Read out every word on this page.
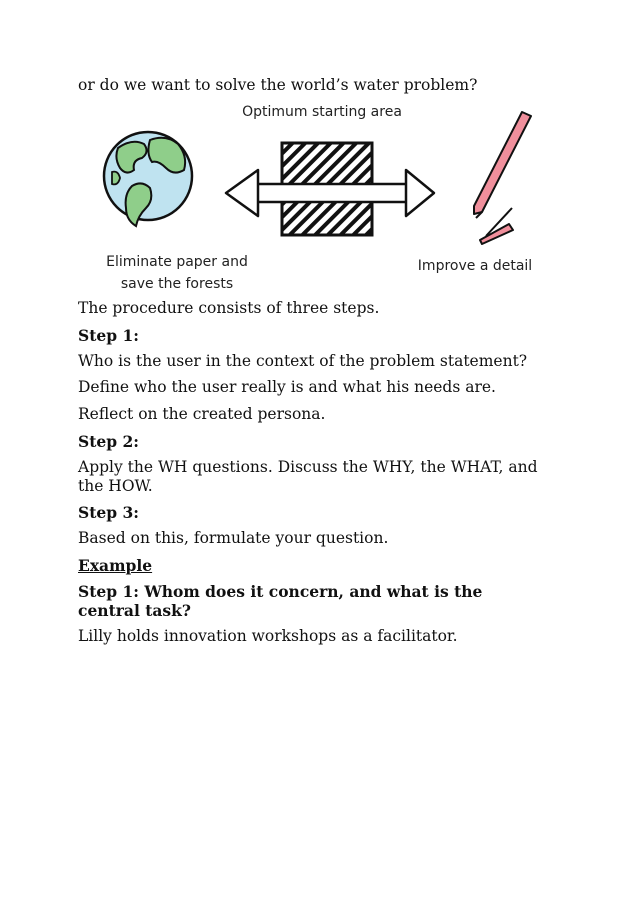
or do we want to solve the world’s water problem?

Optimum starting area
Eliminate paper and
save the forests
Improve a detail

The procedure consists of three steps.

Step 1:

Who is the user in the context of the problem statement?

Define who the user really is and what his needs are.

Reflect on the created persona.

Step 2:

Apply the WH questions. Discuss the WHY, the WHAT, and the HOW.

Step 3:

Based on this, formulate your question.

Example

Step 1: Whom does it concern, and what is the central task?

Lilly holds innovation workshops as a facilitator.
